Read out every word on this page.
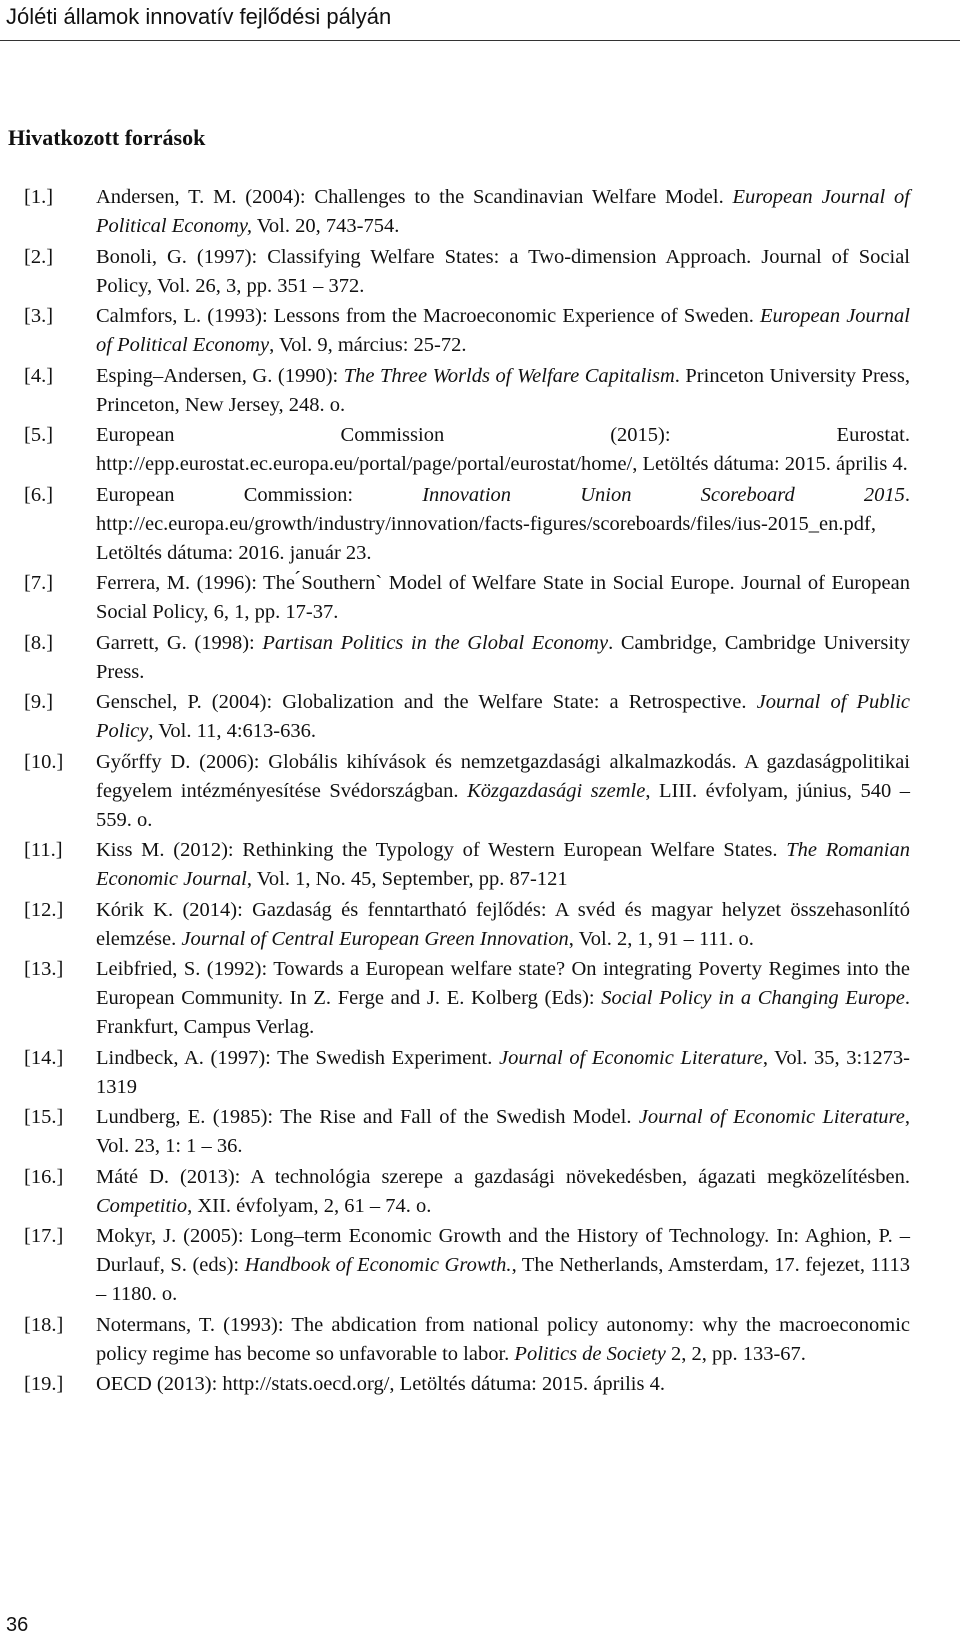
Jóléti államok innovatív fejlődési pályán
Hivatkozott források
[1.] Andersen, T. M. (2004): Challenges to the Scandinavian Welfare Model. European Journal of Political Economy, Vol. 20, 743-754.
[2.] Bonoli, G. (1997): Classifying Welfare States: a Two-dimension Approach. Journal of Social Policy, Vol. 26, 3, pp. 351 – 372.
[3.] Calmfors, L. (1993): Lessons from the Macroeconomic Experience of Sweden. European Journal of Political Economy, Vol. 9, március: 25-72.
[4.] Esping–Andersen, G. (1990): The Three Worlds of Welfare Capitalism. Princeton University Press, Princeton, New Jersey, 248. o.
[5.] European Commission (2015): Eurostat. http://epp.eurostat.ec.europa.eu/portal/page/portal/eurostat/home/, Letöltés dátuma: 2015. április 4.
[6.] European Commission: Innovation Union Scoreboard 2015. http://ec.europa.eu/growth/industry/innovation/facts-figures/scoreboards/files/ius-2015_en.pdf, Letöltés dátuma: 2016. január 23.
[7.] Ferrera, M. (1996): The ́Southern` Model of Welfare State in Social Europe. Journal of European Social Policy, 6, 1, pp. 17-37.
[8.] Garrett, G. (1998): Partisan Politics in the Global Economy. Cambridge, Cambridge University Press.
[9.] Genschel, P. (2004): Globalization and the Welfare State: a Retrospective. Journal of Public Policy, Vol. 11, 4:613-636.
[10.] Győrffy D. (2006): Globális kihívások és nemzetgazdasági alkalmazkodás. A gazdaságpolitikai fegyelem intézményesítése Svédországban. Közgazdasági szemle, LIII. évfolyam, június, 540 – 559. o.
[11.] Kiss M. (2012): Rethinking the Typology of Western European Welfare States. The Romanian Economic Journal, Vol. 1, No. 45, September, pp. 87-121
[12.] Kórik K. (2014): Gazdaság és fenntartható fejlődés: A svéd és magyar helyzet összehasonlító elemzése. Journal of Central European Green Innovation, Vol. 2, 1, 91 – 111. o.
[13.] Leibfried, S. (1992): Towards a European welfare state? On integrating Poverty Regimes into the European Community. In Z. Ferge and J. E. Kolberg (Eds): Social Policy in a Changing Europe. Frankfurt, Campus Verlag.
[14.] Lindbeck, A. (1997): The Swedish Experiment. Journal of Economic Literature, Vol. 35, 3:1273-1319
[15.] Lundberg, E. (1985): The Rise and Fall of the Swedish Model. Journal of Economic Literature, Vol. 23, 1: 1 – 36.
[16.] Máté D. (2013): A technológia szerepe a gazdasági növekedésben, ágazati megközelítésben. Competitio, XII. évfolyam, 2, 61 – 74. o.
[17.] Mokyr, J. (2005): Long–term Economic Growth and the History of Technology. In: Aghion, P. – Durlauf, S. (eds): Handbook of Economic Growth., The Netherlands, Amsterdam, 17. fejezet, 1113 – 1180. o.
[18.] Notermans, T. (1993): The abdication from national policy autonomy: why the macroeconomic policy regime has become so unfavorable to labor. Politics de Society 2, 2, pp. 133-67.
[19.] OECD (2013): http://stats.oecd.org/, Letöltés dátuma: 2015. április 4.
36
